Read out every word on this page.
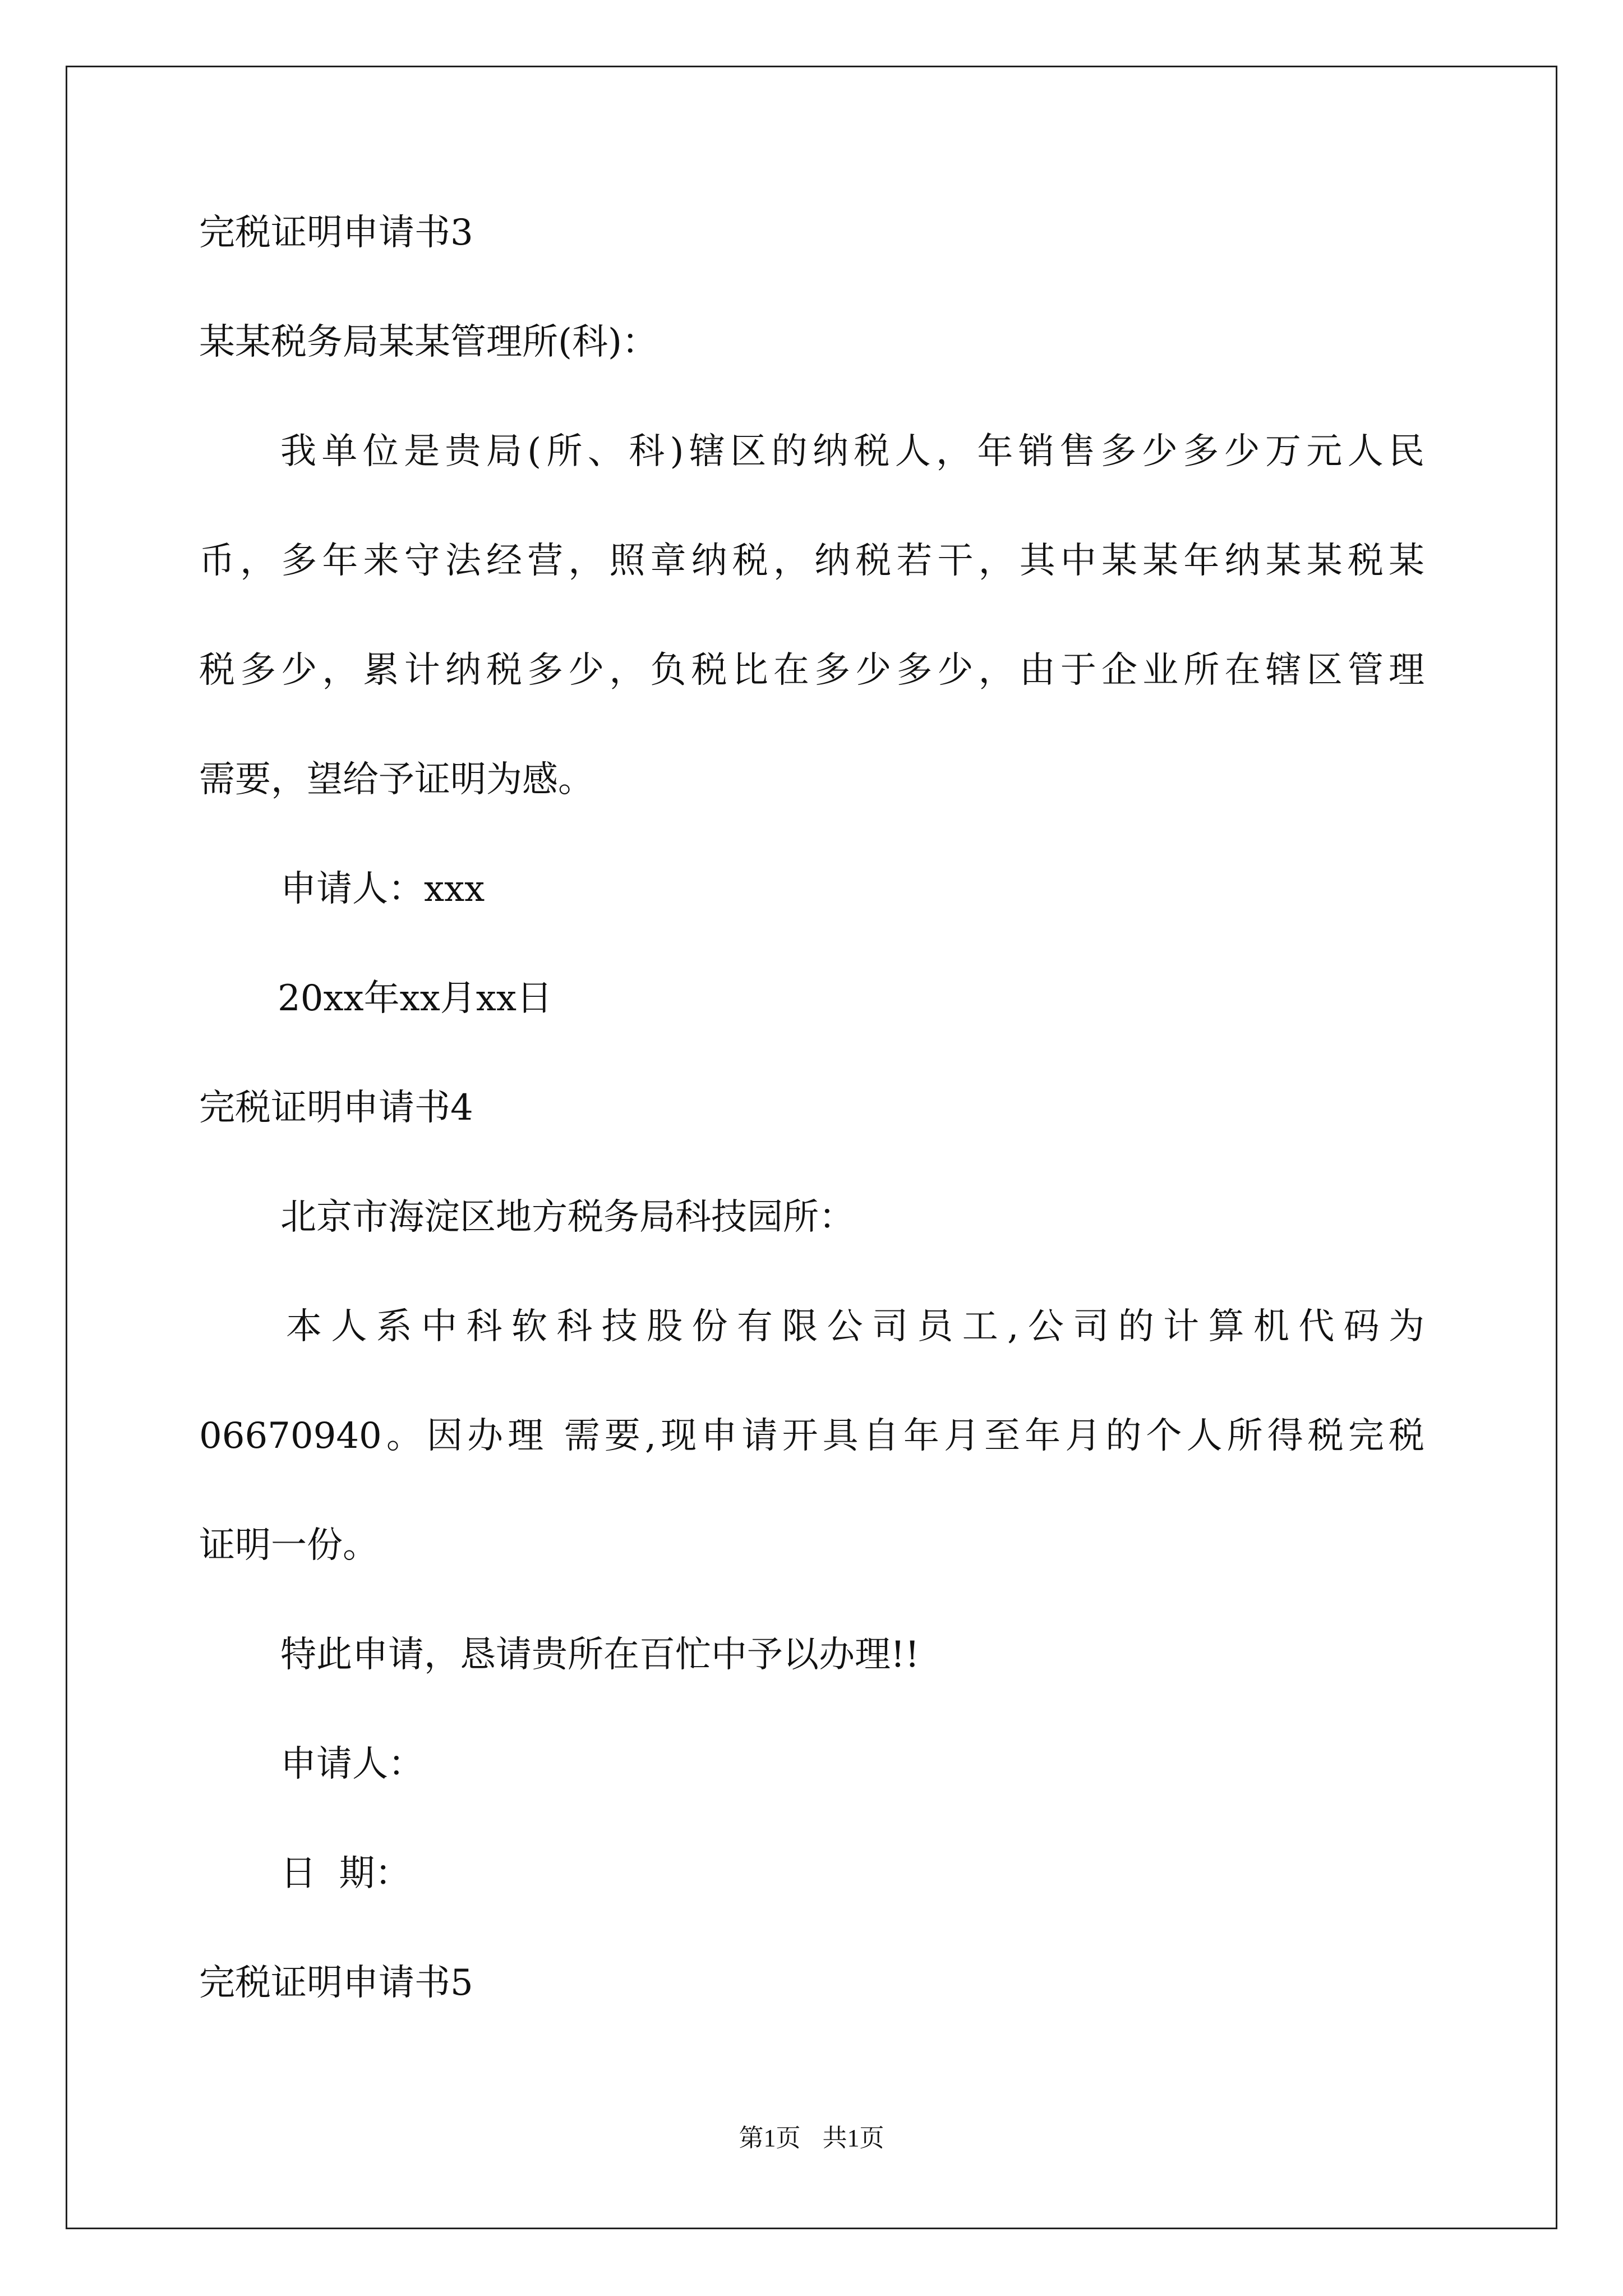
完税证明申请书3
某某税务局某某管理所(科)：
我单位是贵局(所、科)辖区的纳税人，年销售多少多少万元人民
币，多年来守法经营，照章纳税，纳税若干，其中某某年纳某某税某
税多少，累计纳税多少，负税比在多少多少，由于企业所在辖区管理
需要，望给予证明为感。
申请人：xxx
20xx年xx月xx日
完税证明申请书4
北京市海淀区地方税务局科技园所：
本人系中科软科技股份有限公司员工,公司的计算机代码为
06670940。因办理 需要,现申请开具自年月至年月的个人所得税完税
证明一份。
特此申请，恳请贵所在百忙中予以办理!!
申请人：
日 期：
完税证明申请书5
第1页 共1页
